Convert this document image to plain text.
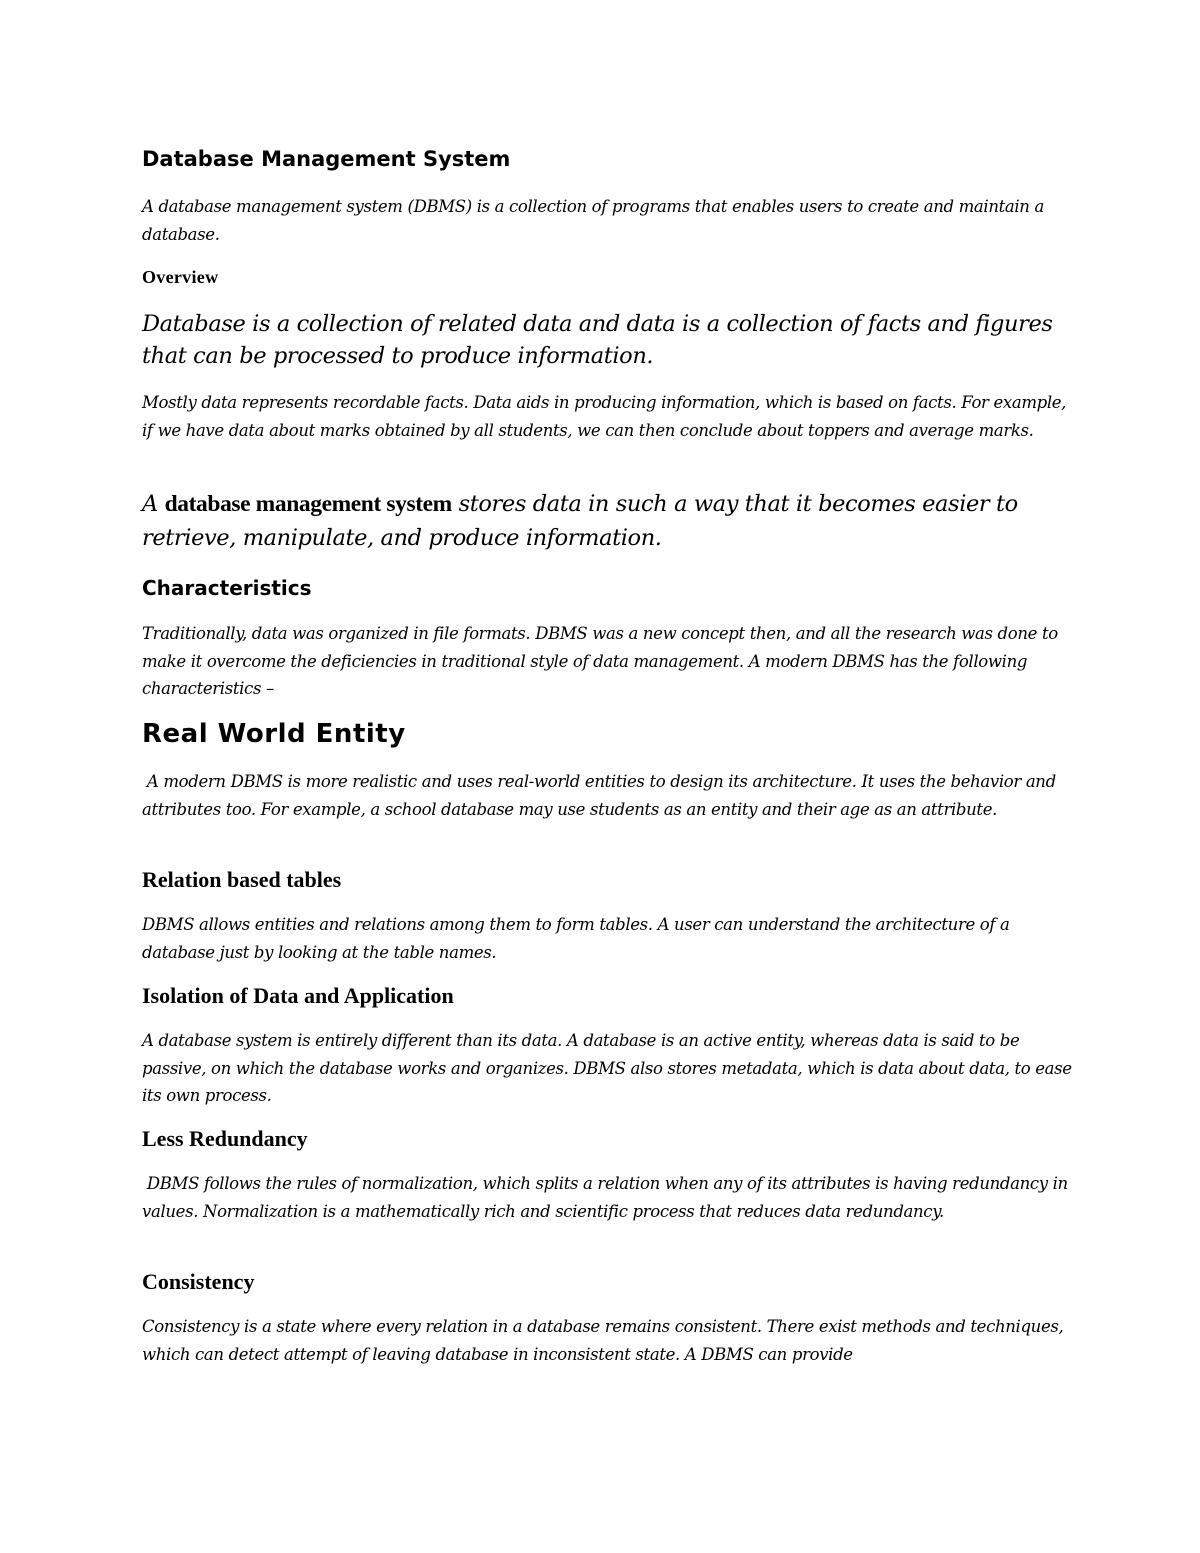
Database Management System

A database management system (DBMS) is a collection of programs that enables users to create and maintain a database.

Overview

Database is a collection of related data and data is a collection of facts and figures that can be processed to produce information.

Mostly data represents recordable facts. Data aids in producing information, which is based on facts. For example, if we have data about marks obtained by all students, we can then conclude about toppers and average marks.

A database management system stores data in such a way that it becomes easier to retrieve, manipulate, and produce information.

Characteristics

Traditionally, data was organized in file formats. DBMS was a new concept then, and all the research was done to make it overcome the deficiencies in traditional style of data management. A modern DBMS has the following characteristics –

Real World Entity

A modern DBMS is more realistic and uses real-world entities to design its architecture. It uses the behavior and attributes too. For example, a school database may use students as an entity and their age as an attribute.

Relation based tables

DBMS allows entities and relations among them to form tables. A user can understand the architecture of a database just by looking at the table names.

Isolation of Data and Application

A database system is entirely different than its data. A database is an active entity, whereas data is said to be passive, on which the database works and organizes. DBMS also stores metadata, which is data about data, to ease its own process.

Less Redundancy

DBMS follows the rules of normalization, which splits a relation when any of its attributes is having redundancy in values. Normalization is a mathematically rich and scientific process that reduces data redundancy.

Consistency

Consistency is a state where every relation in a database remains consistent. There exist methods and techniques, which can detect attempt of leaving database in inconsistent state. A DBMS can provide
